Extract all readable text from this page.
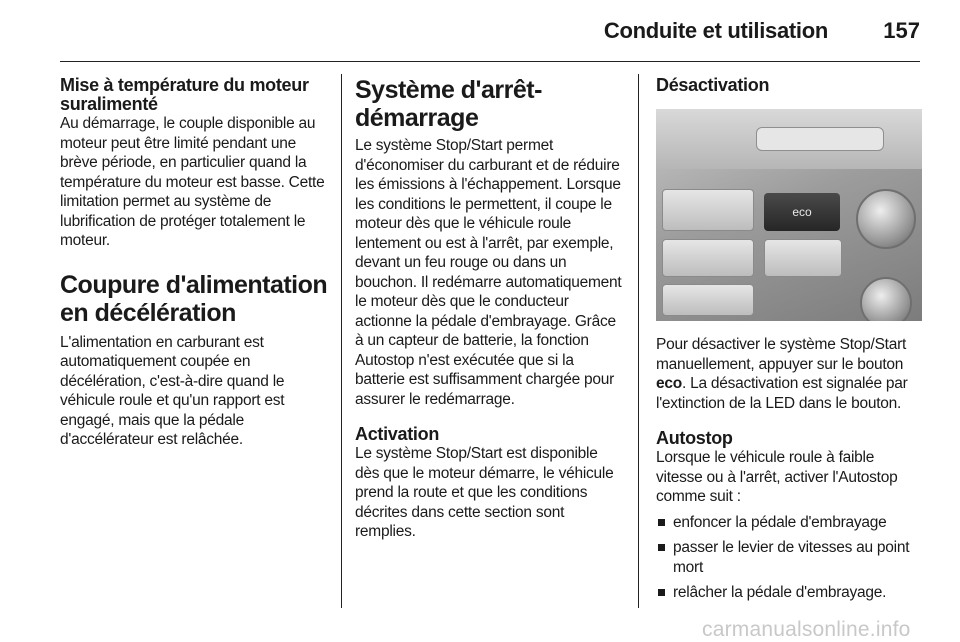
Conduite et utilisation	157
Mise à température du moteur suralimenté

Au démarrage, le couple disponible au moteur peut être limité pendant une brève période, en particulier quand la température du moteur est basse. Cette limitation permet au système de lubrification de protéger totalement le moteur.

Coupure d'alimentation en décélération

L'alimentation en carburant est automatiquement coupée en décélération, c'est-à-dire quand le véhicule roule et qu'un rapport est engagé, mais que la pédale d'accélérateur est relâchée.

Système d'arrêt-démarrage

Le système Stop/Start permet d'économiser du carburant et de réduire les émissions à l'échappement. Lorsque les conditions le permettent, il coupe le moteur dès que le véhicule roule lentement ou est à l'arrêt, par exemple, devant un feu rouge ou dans un bouchon. Il redémarre automatiquement le moteur dès que le conducteur actionne la pédale d'embrayage. Grâce à un capteur de batterie, la fonction Autostop n'est exécutée que si la batterie est suffisamment chargée pour assurer le redémarrage.

Activation

Le système Stop/Start est disponible dès que le moteur démarre, le véhicule prend la route et que les conditions décrites dans cette section sont remplies.

Désactivation
eco

Pour désactiver le système Stop/Start manuellement, appuyer sur le bouton eco. La désactivation est signalée par l'extinction de la LED dans le bouton.

Autostop

Lorsque le véhicule roule à faible vitesse ou à l'arrêt, activer l'Autostop comme suit :

enfoncer la pédale d'embrayage
passer le levier de vitesses au point mort
relâcher la pédale d'embrayage.
carmanualsonline.info
